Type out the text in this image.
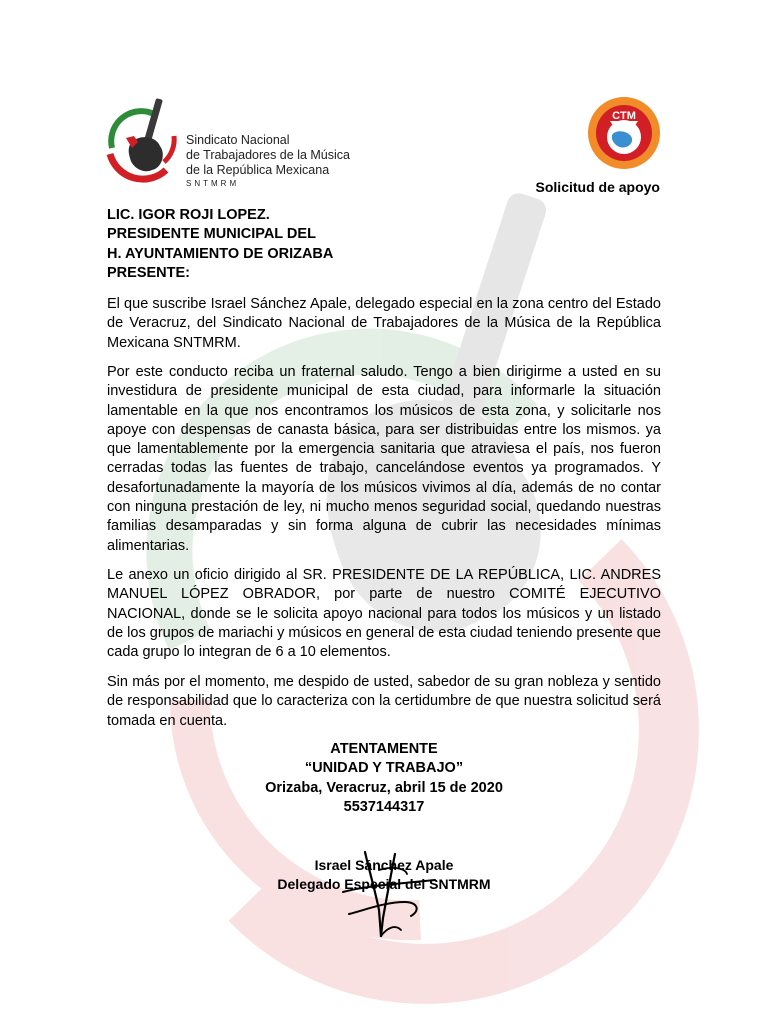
Sindicato Nacional
de Trabajadores de la Música
de la República Mexicana
SNTMRM
CTM
Solicitud de apoyo
LIC. IGOR ROJI LOPEZ.
PRESIDENTE MUNICIPAL DEL
H. AYUNTAMIENTO DE ORIZABA
PRESENTE:

El que suscribe Israel Sánchez Apale, delegado especial en la zona centro del Estado de Veracruz, del Sindicato Nacional de Trabajadores de la Música de la República Mexicana SNTMRM.

Por este conducto reciba un fraternal saludo. Tengo a bien dirigirme a usted en su investidura de presidente municipal de esta ciudad, para informarle la situación lamentable en la que nos encontramos los músicos de esta zona, y solicitarle nos apoye con despensas de canasta básica, para ser distribuidas entre los mismos. ya que lamentablemente por la emergencia sanitaria que atraviesa el país, nos fueron cerradas todas las fuentes de trabajo, cancelándose eventos ya programados. Y desafortunadamente la mayoría de los músicos vivimos al día, además de no contar con ninguna prestación de ley, ni mucho menos seguridad social, quedando nuestras familias desamparadas y sin forma alguna de cubrir las necesidades mínimas alimentarias.

Le anexo un oficio dirigido al SR. PRESIDENTE DE LA REPÚBLICA, LIC. ANDRES MANUEL LÓPEZ OBRADOR, por parte de nuestro COMITÉ EJECUTIVO NACIONAL, donde se le solicita apoyo nacional para todos los músicos y un listado de los grupos de mariachi y músicos en general de esta ciudad teniendo presente que cada grupo lo integran de 6 a 10 elementos.

Sin más por el momento, me despido de usted, sabedor de su gran nobleza y sentido de responsabilidad que lo caracteriza con la certidumbre de que nuestra solicitud será tomada en cuenta.

ATENTAMENTE
“UNIDAD Y TRABAJO”
Orizaba, Veracruz, abril 15 de 2020
5537144317
Israel Sánchez Apale
Delegado Especial del SNTMRM
